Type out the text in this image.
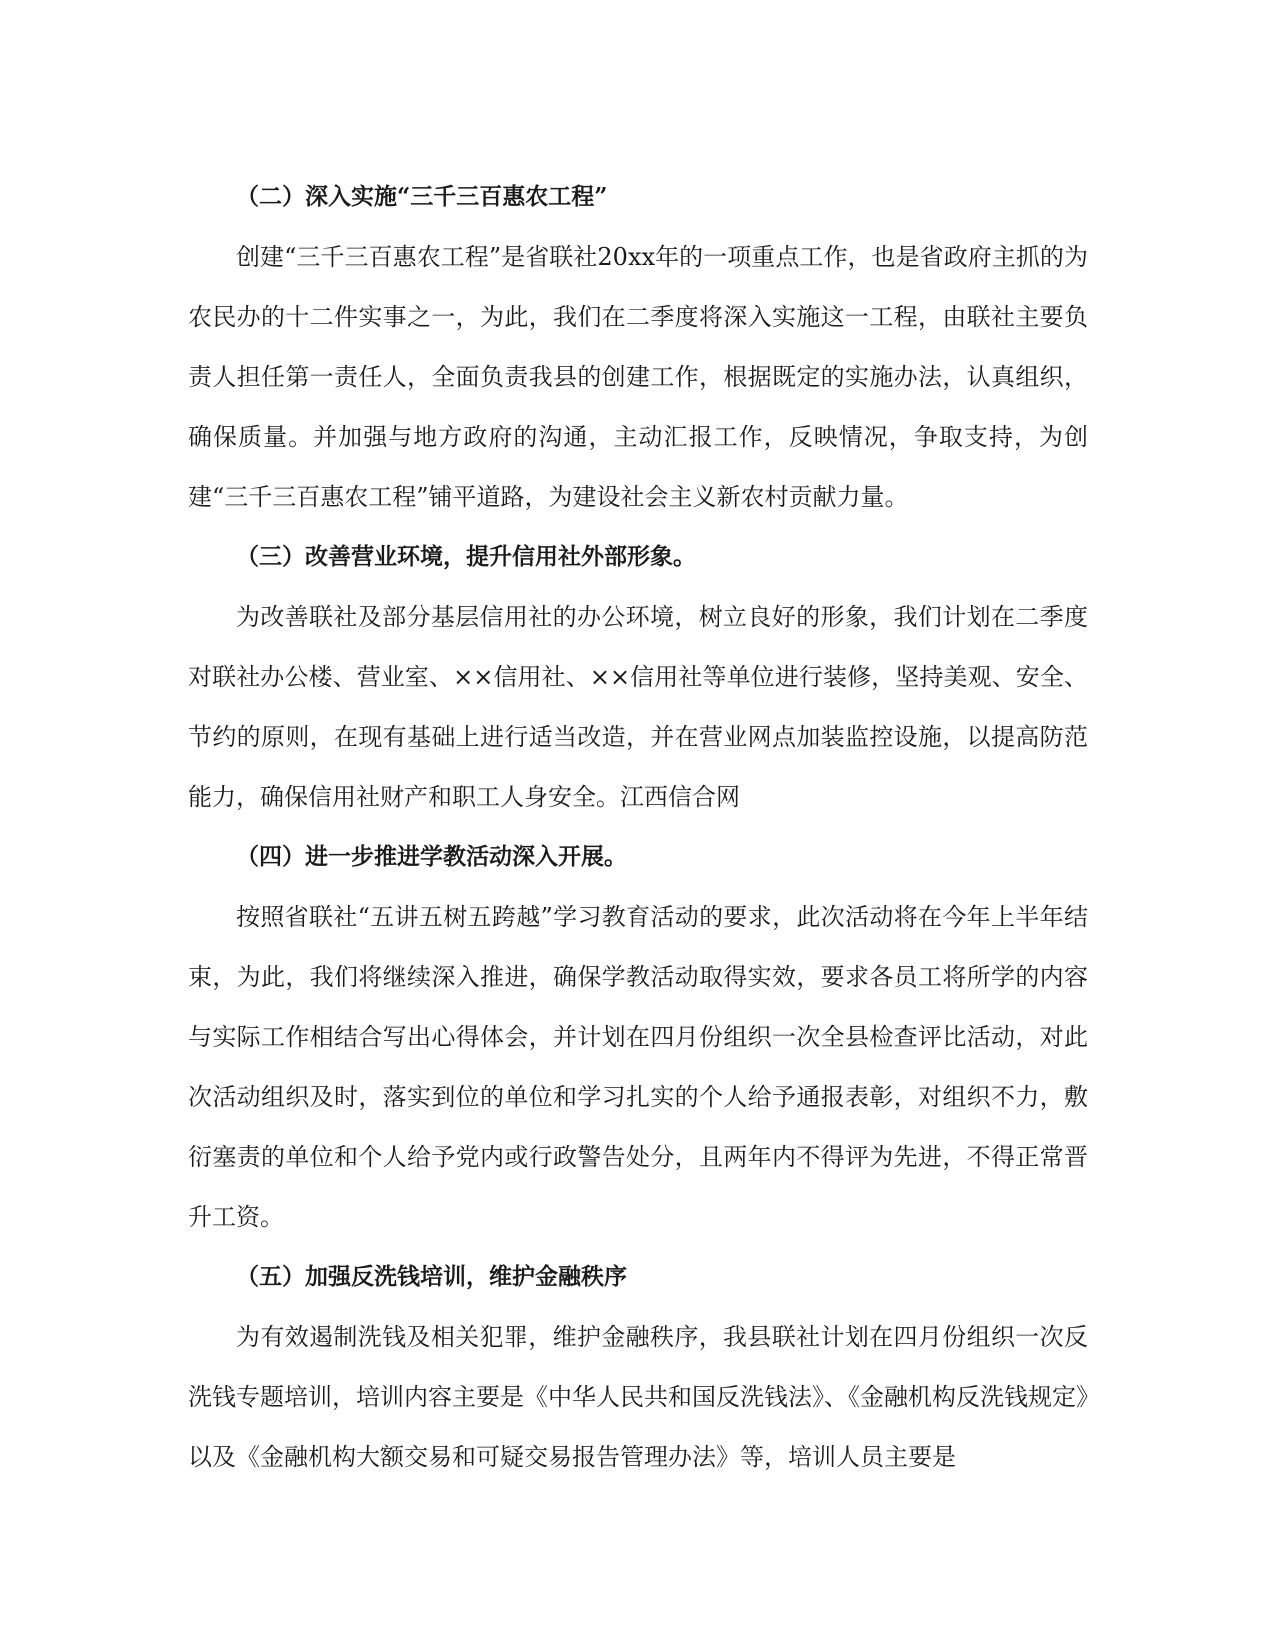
（二）深入实施“三千三百惠农工程”

创建“三千三百惠农工程”是省联社20xx年的一项重点工作，也是省政府主抓的为农民办的十二件实事之一，为此，我们在二季度将深入实施这一工程，由联社主要负责人担任第一责任人，全面负责我县的创建工作，根据既定的实施办法，认真组织，确保质量。并加强与地方政府的沟通，主动汇报工作，反映情况，争取支持，为创建“三千三百惠农工程”铺平道路，为建设社会主义新农村贡献力量。

（三）改善营业环境，提升信用社外部形象。

为改善联社及部分基层信用社的办公环境，树立良好的形象，我们计划在二季度对联社办公楼、营业室、××信用社、××信用社等单位进行装修，坚持美观、安全、节约的原则，在现有基础上进行适当改造，并在营业网点加装监控设施，以提高防范能力，确保信用社财产和职工人身安全。江西信合网

（四）进一步推进学教活动深入开展。

按照省联社“五讲五树五跨越”学习教育活动的要求，此次活动将在今年上半年结束，为此，我们将继续深入推进，确保学教活动取得实效，要求各员工将所学的内容与实际工作相结合写出心得体会，并计划在四月份组织一次全县检查评比活动，对此次活动组织及时，落实到位的单位和学习扎实的个人给予通报表彰，对组织不力，敷衍塞责的单位和个人给予党内或行政警告处分，且两年内不得评为先进，不得正常晋升工资。

（五）加强反洗钱培训，维护金融秩序

为有效遏制洗钱及相关犯罪，维护金融秩序，我县联社计划在四月份组织一次反洗钱专题培训，培训内容主要是《中华人民共和国反洗钱法》、《金融机构反洗钱规定》以及《金融机构大额交易和可疑交易报告管理办法》等，培训人员主要是
